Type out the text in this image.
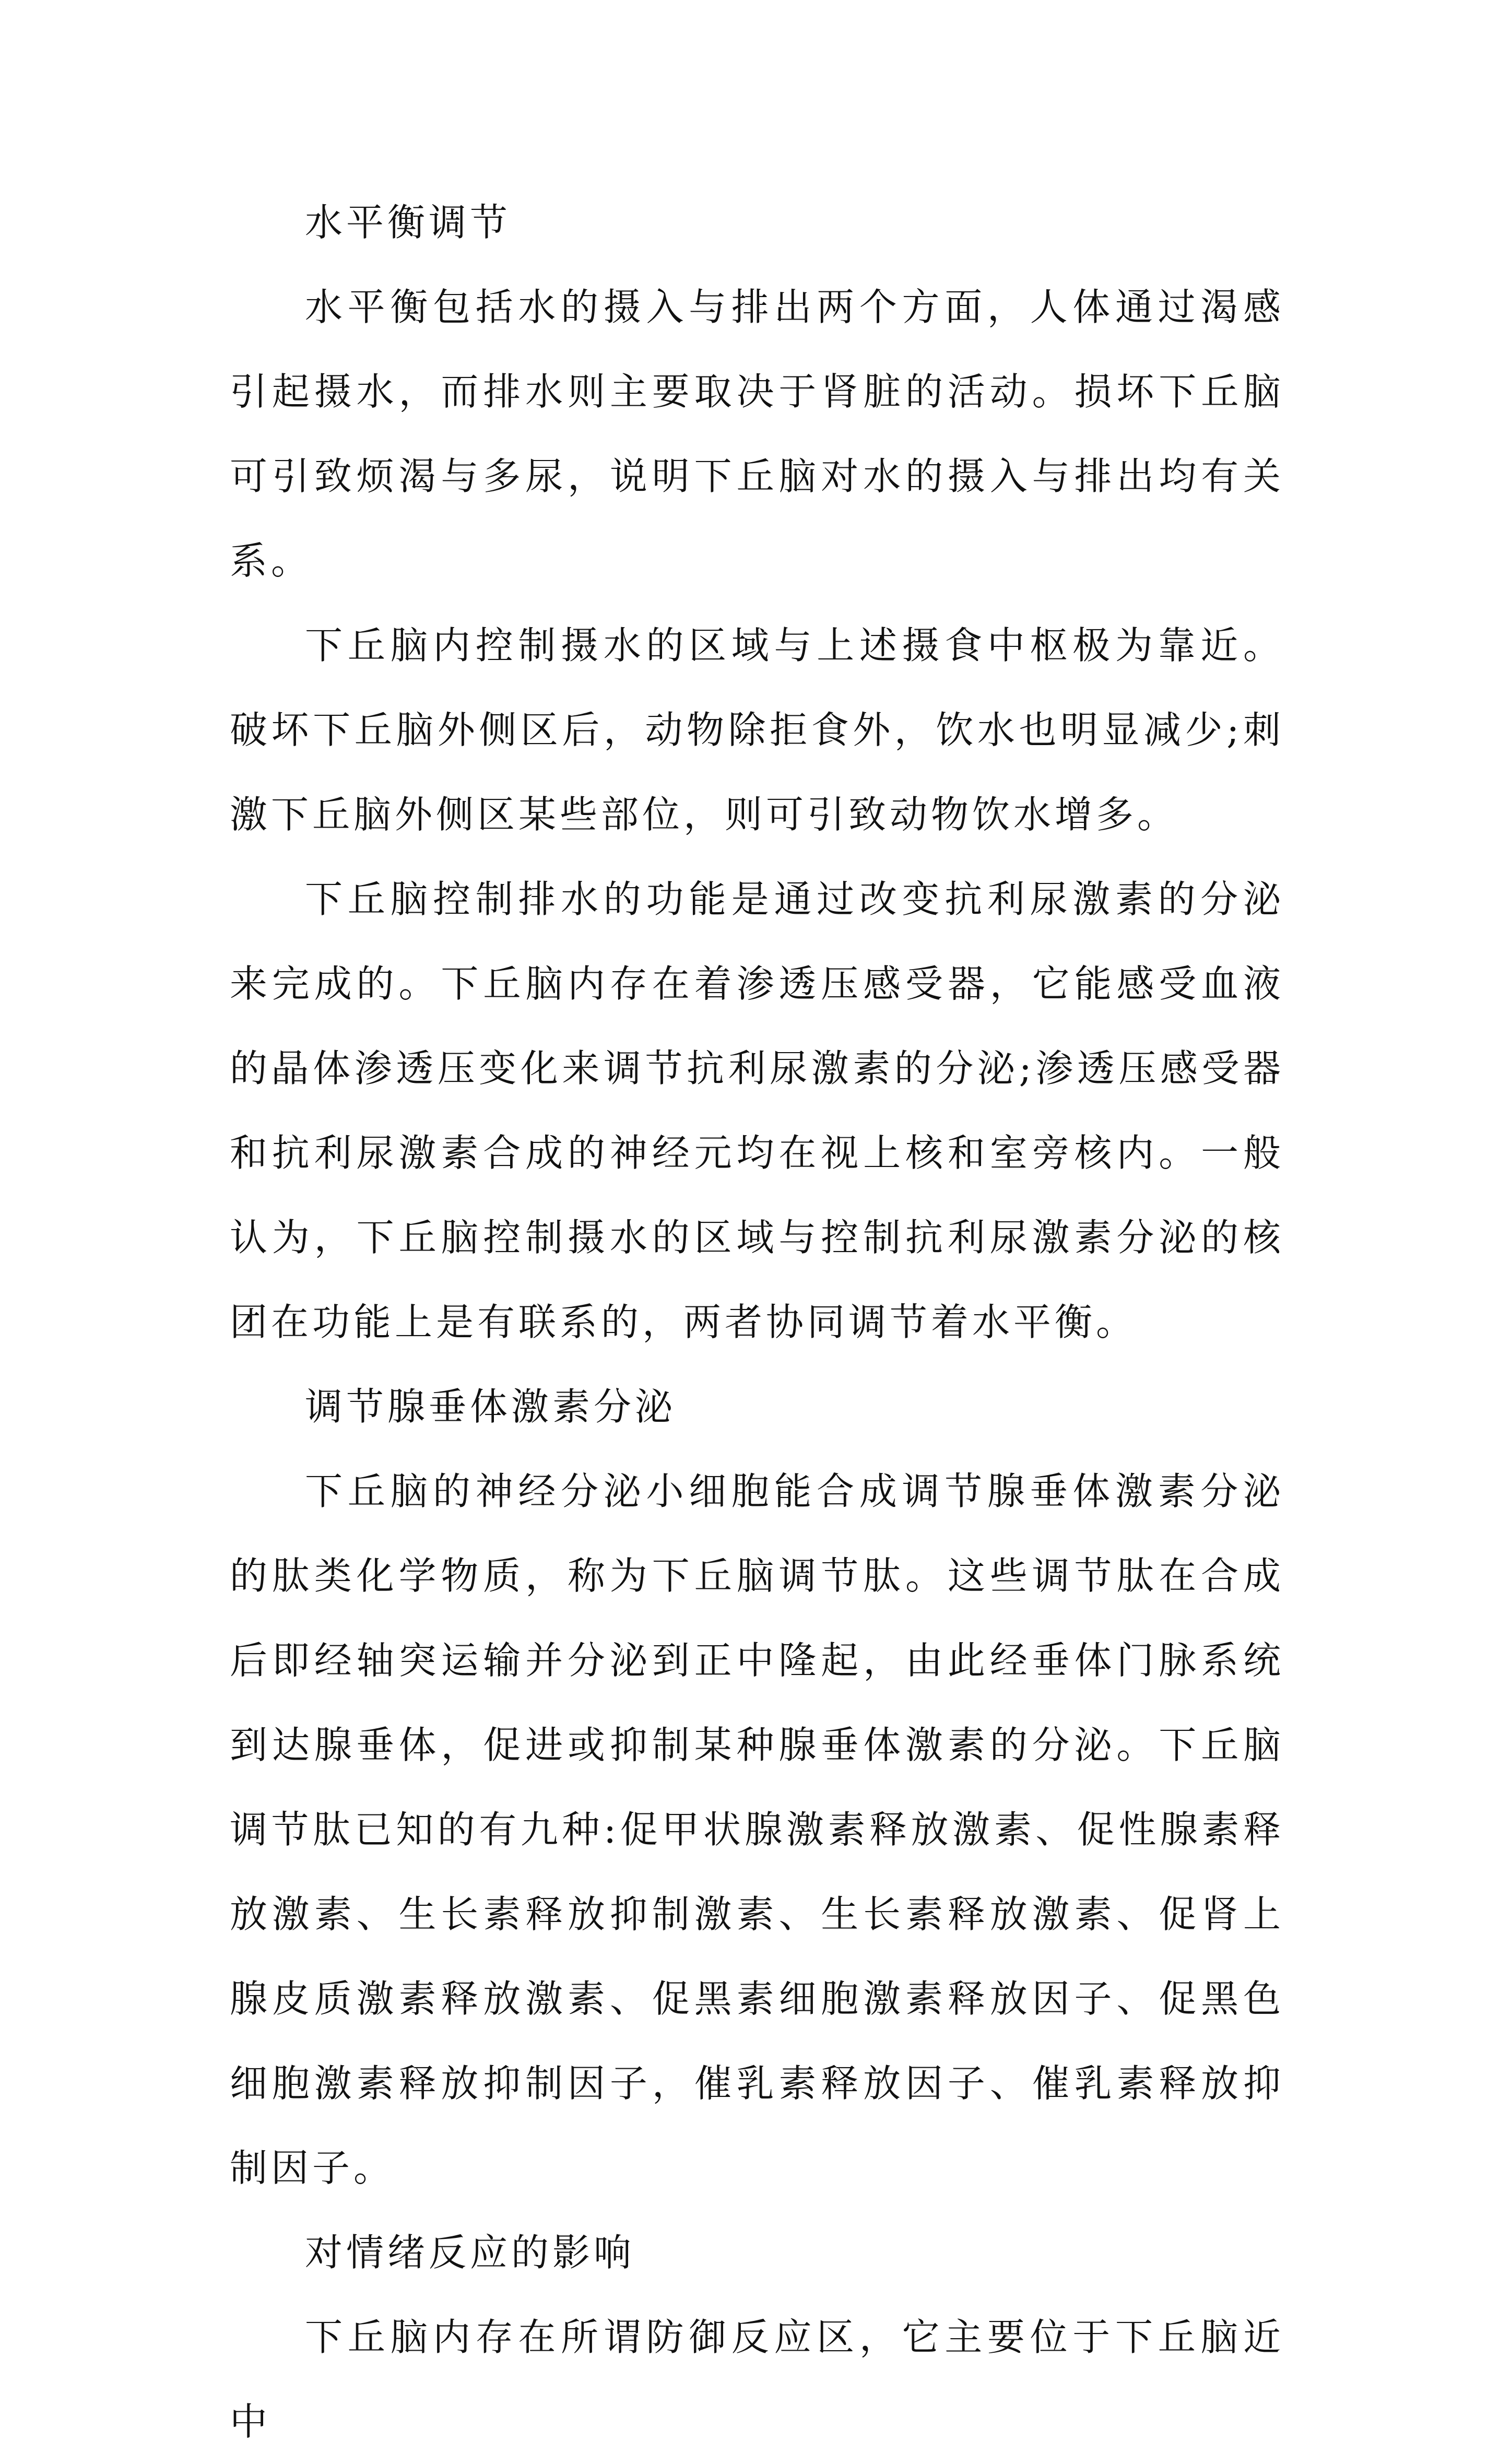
水平衡调节

水平衡包括水的摄入与排出两个方面，人体通过渴感引起摄水，而排水则主要取决于肾脏的活动。损坏下丘脑可引致烦渴与多尿，说明下丘脑对水的摄入与排出均有关系。

下丘脑内控制摄水的区域与上述摄食中枢极为靠近。破坏下丘脑外侧区后，动物除拒食外，饮水也明显减少;刺激下丘脑外侧区某些部位，则可引致动物饮水增多。

下丘脑控制排水的功能是通过改变抗利尿激素的分泌来完成的。下丘脑内存在着渗透压感受器，它能感受血液的晶体渗透压变化来调节抗利尿激素的分泌;渗透压感受器和抗利尿激素合成的神经元均在视上核和室旁核内。一般认为，下丘脑控制摄水的区域与控制抗利尿激素分泌的核团在功能上是有联系的，两者协同调节着水平衡。

调节腺垂体激素分泌

下丘脑的神经分泌小细胞能合成调节腺垂体激素分泌的肽类化学物质，称为下丘脑调节肽。这些调节肽在合成后即经轴突运输并分泌到正中隆起，由此经垂体门脉系统到达腺垂体，促进或抑制某种腺垂体激素的分泌。下丘脑调节肽已知的有九种:促甲状腺激素释放激素、促性腺素释放激素、生长素释放抑制激素、生长素释放激素、促肾上腺皮质激素释放激素、促黑素细胞激素释放因子、促黑色细胞激素释放抑制因子，催乳素释放因子、催乳素释放抑制因子。

对情绪反应的影响

下丘脑内存在所谓防御反应区，它主要位于下丘脑近中
